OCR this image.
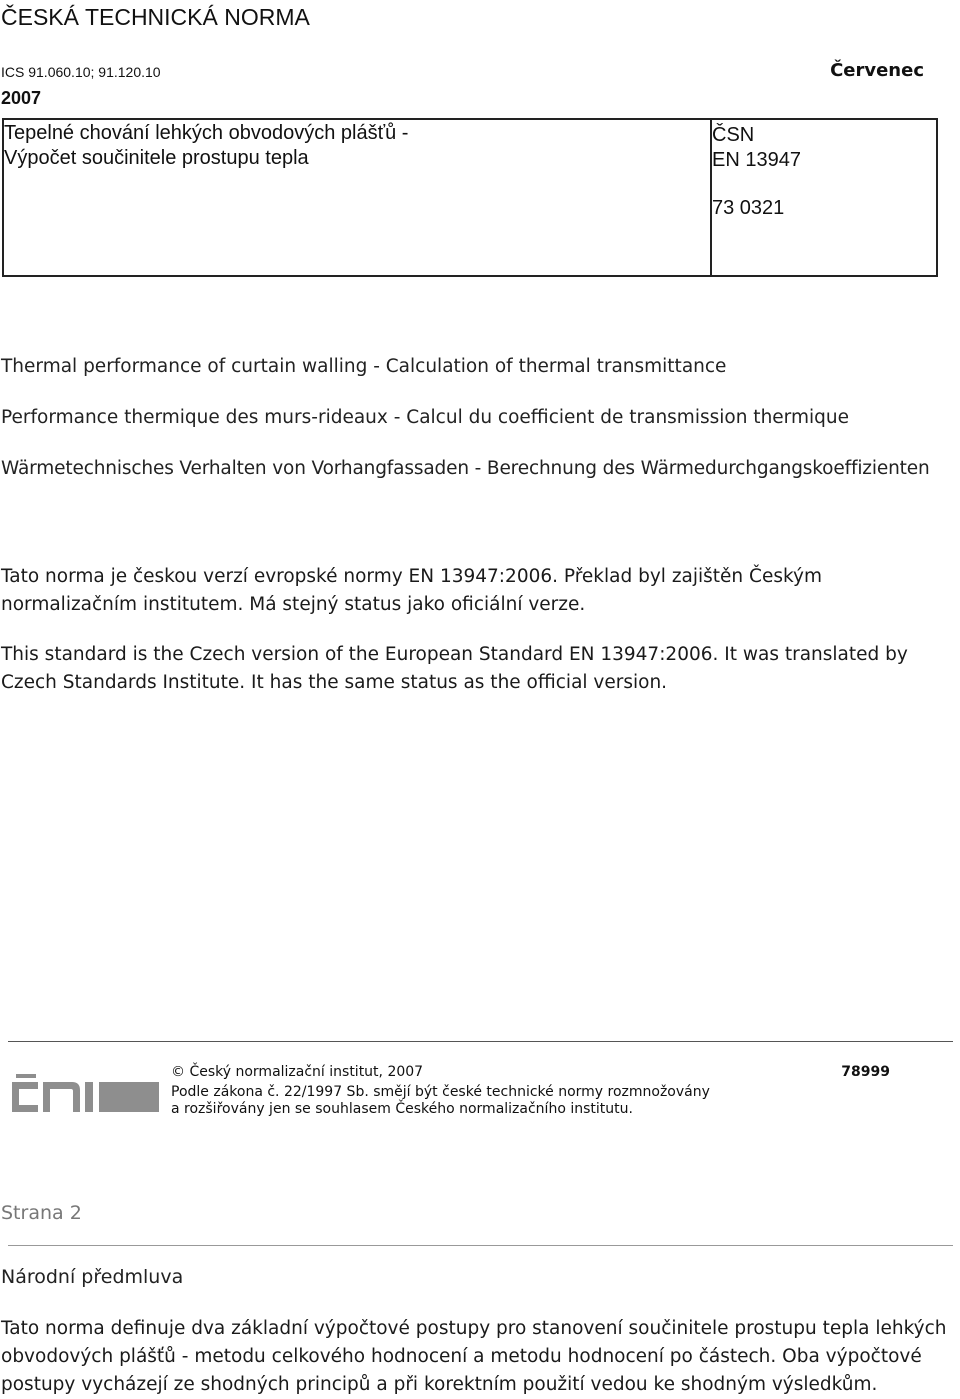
ČESKÁ TECHNICKÁ NORMA
ICS 91.060.10; 91.120.10	Červenec
2007
Tepelné chování lehkých obvodových plášťů -
Výpočet součinitele prostupu tepla
ČSN
EN 13947
73 0321
Thermal performance of curtain walling - Calculation of thermal transmittance
Performance thermique des murs-rideaux - Calcul du coefficient de transmission thermique
Wärmetechnisches Verhalten von Vorhangfassaden - Berechnung des Wärmedurchgangskoeffizienten
Tato norma je českou verzí evropské normy EN 13947:2006. Překlad byl zajištěn Českým normalizačním institutem. Má stejný status jako oficiální verze.
This standard is the Czech version of the European Standard EN 13947:2006. It was translated by Czech Standards Institute. It has the same status as the official version.
© Český normalizační institut, 2007
Podle zákona č. 22/1997 Sb. smějí být české technické normy rozmnožovány
a rozšiřovány jen se souhlasem Českého normalizačního institutu.
78999
Strana 2
Národní předmluva
Tato norma definuje dva základní výpočtové postupy pro stanovení součinitele prostupu tepla lehkých obvodových plášťů - metodu celkového hodnocení a metodu hodnocení po částech. Oba výpočtové postupy vycházejí ze shodných principů a při korektním použití vedou ke shodným výsledkům.
